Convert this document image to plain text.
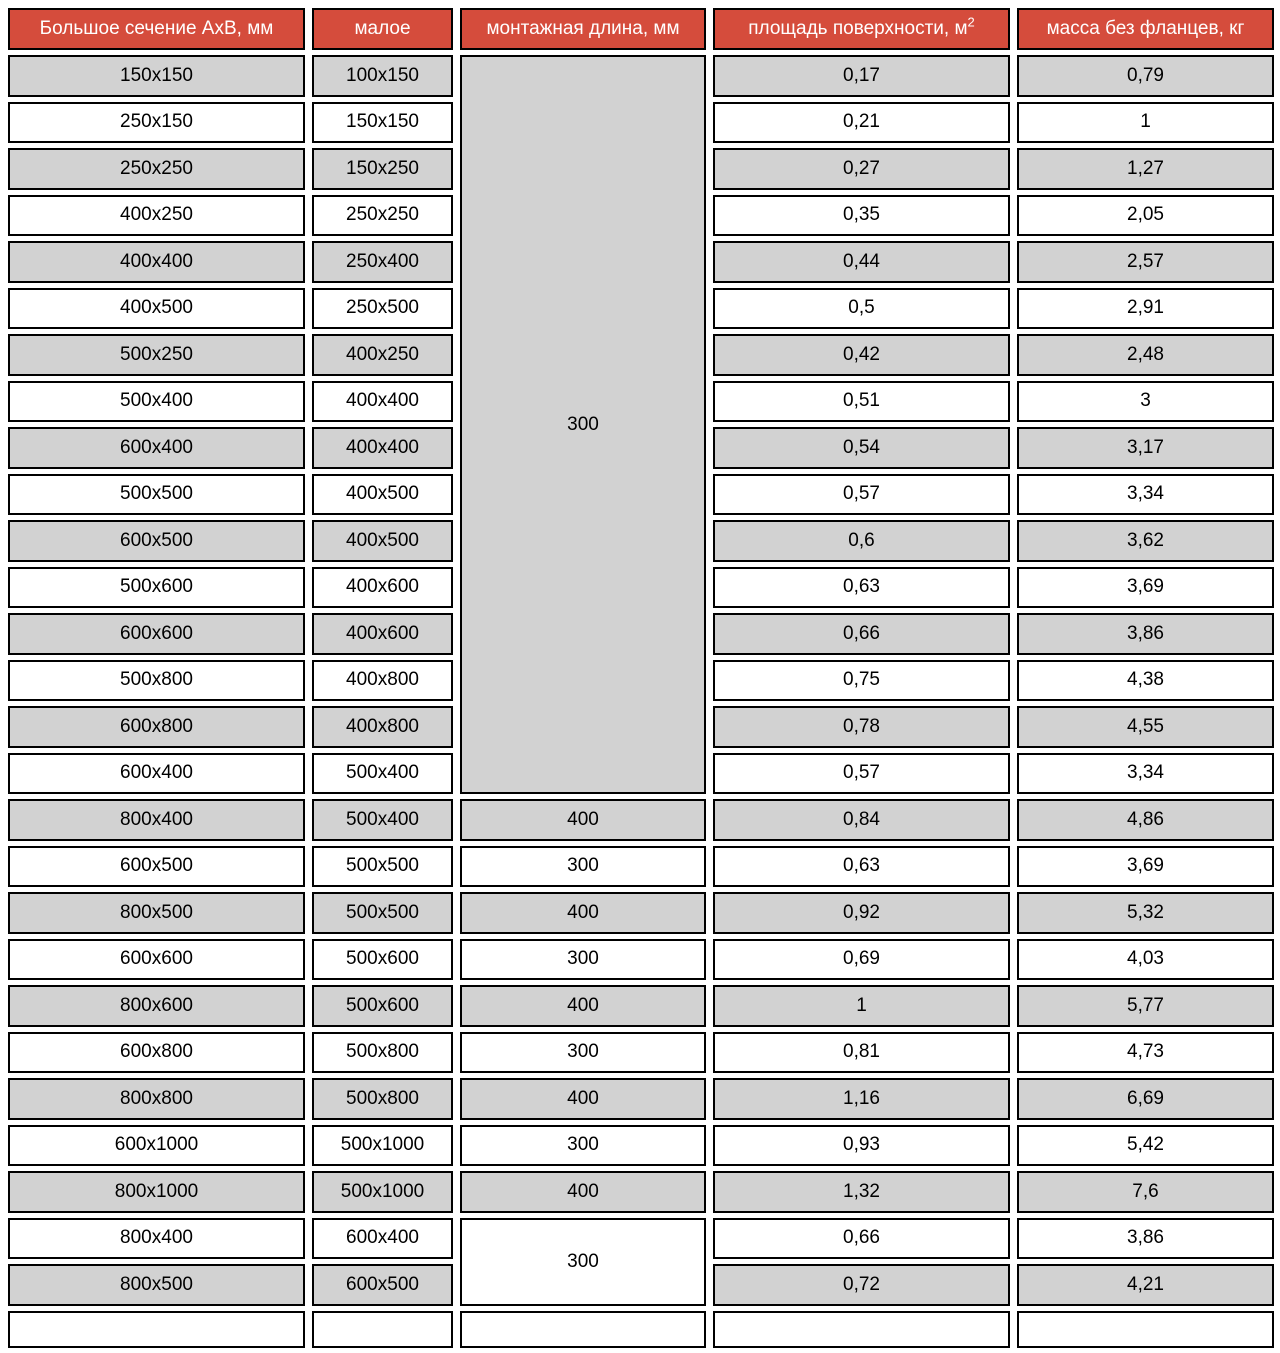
Большое сечение АхВ, мм	малое	монтажная длина, мм	площадь поверхности, $м^2$	масса без фланцев, кг
150x150	100x150	300	0,17	0,79
250x150	150x150		0,21	1
250x250	150x250		0,27	1,27
400x250	250x250		0,35	2,05
400x400	250x400		0,44	2,57
400x500	250x500		0,5	2,91
500x250	400x250		0,42	2,48
500x400	400x400		0,51	3
600x400	400x400		0,54	3,17
500x500	400x500		0,57	3,34
600x500	400x500		0,6	3,62
500x600	400x600		0,63	3,69
600x600	400x600		0,66	3,86
500x800	400x800		0,75	4,38
600x800	400x800		0,78	4,55
600x400	500x400		0,57	3,34
800x400	500x400	400	0,84	4,86
600x500	500x500	300	0,63	3,69
800x500	500x500	400	0,92	5,32
600x600	500x600	300	0,69	4,03
800x600	500x600	400	1	5,77
600x800	500x800	300	0,81	4,73
800x800	500x800	400	1,16	6,69
600x1000	500x1000	300	0,93	5,42
800x1000	500x1000	400	1,32	7,6
800x400	600x400	300	0,66	3,86
800x500	600x500		0,72	4,21
